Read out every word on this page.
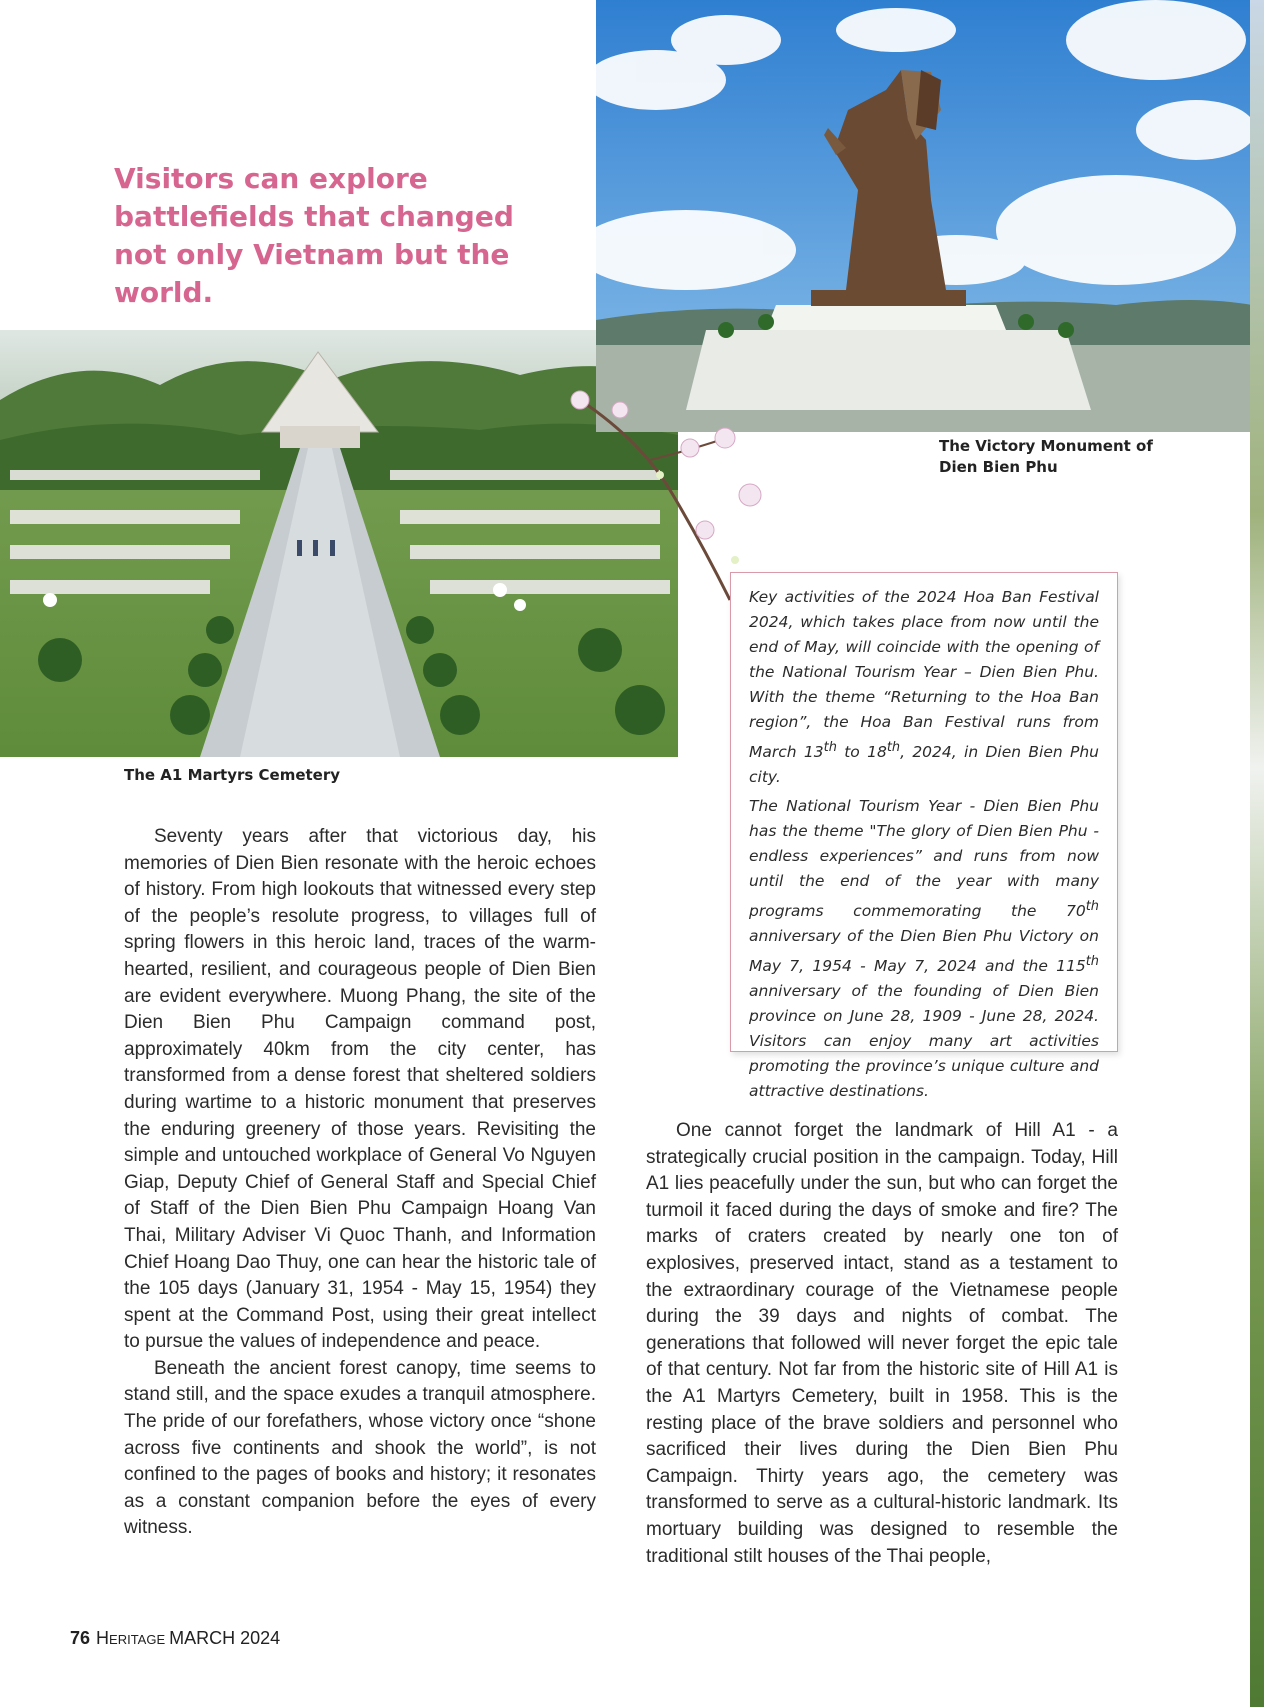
Visitors can explore battlefields that changed not only Vietnam but the world.

The A1 Martyrs Cemetery

The Victory Monument of Dien Bien Phu

Key activities of the 2024 Hoa Ban Festival 2024, which takes place from now until the end of May, will coincide with the opening of the National Tourism Year – Dien Bien Phu. With the theme “Returning to the Hoa Ban region”, the Hoa Ban Festival runs from March 13th to 18th, 2024, in Dien Bien Phu city.

The National Tourism Year - Dien Bien Phu has the theme "The glory of Dien Bien Phu - endless experiences” and runs from now until the end of the year with many programs commemorating the 70th anniversary of the Dien Bien Phu Victory on May 7, 1954 - May 7, 2024 and the 115th anniversary of the founding of Dien Bien province on June 28, 1909 - June 28, 2024. Visitors can enjoy many art activities promoting the province’s unique culture and attractive destinations.

Seventy years after that victorious day, his memories of Dien Bien resonate with the heroic echoes of history. From high lookouts that witnessed every step of the people’s resolute progress, to villages full of spring flowers in this heroic land, traces of the warm-hearted, resilient, and courageous people of Dien Bien are evident everywhere. Muong Phang, the site of the Dien Bien Phu Campaign command post, approximately 40km from the city center, has transformed from a dense forest that sheltered soldiers during wartime to a historic monument that preserves the enduring greenery of those years. Revisiting the simple and untouched workplace of General Vo Nguyen Giap, Deputy Chief of General Staff and Special Chief of Staff of the Dien Bien Phu Campaign Hoang Van Thai, Military Adviser Vi Quoc Thanh, and Information Chief Hoang Dao Thuy, one can hear the historic tale of the 105 days (January 31, 1954 - May 15, 1954) they spent at the Command Post, using their great intellect to pursue the values of independence and peace.

Beneath the ancient forest canopy, time seems to stand still, and the space exudes a tranquil atmosphere. The pride of our forefathers, whose victory once “shone across five continents and shook the world”, is not confined to the pages of books and history; it resonates as a constant companion before the eyes of every witness.

One cannot forget the landmark of Hill A1 - a strategically crucial position in the campaign. Today, Hill A1 lies peacefully under the sun, but who can forget the turmoil it faced during the days of smoke and fire? The marks of craters created by nearly one ton of explosives, preserved intact, stand as a testament to the extraordinary courage of the Vietnamese people during the 39 days and nights of combat. The generations that followed will never forget the epic tale of that century. Not far from the historic site of Hill A1 is the A1 Martyrs Cemetery, built in 1958. This is the resting place of the brave soldiers and personnel who sacrificed their lives during the Dien Bien Phu Campaign. Thirty years ago, the cemetery was transformed to serve as a cultural-historic landmark. Its mortuary building was designed to resemble the traditional stilt houses of the Thai people,

76 Heritage MARCH 2024
